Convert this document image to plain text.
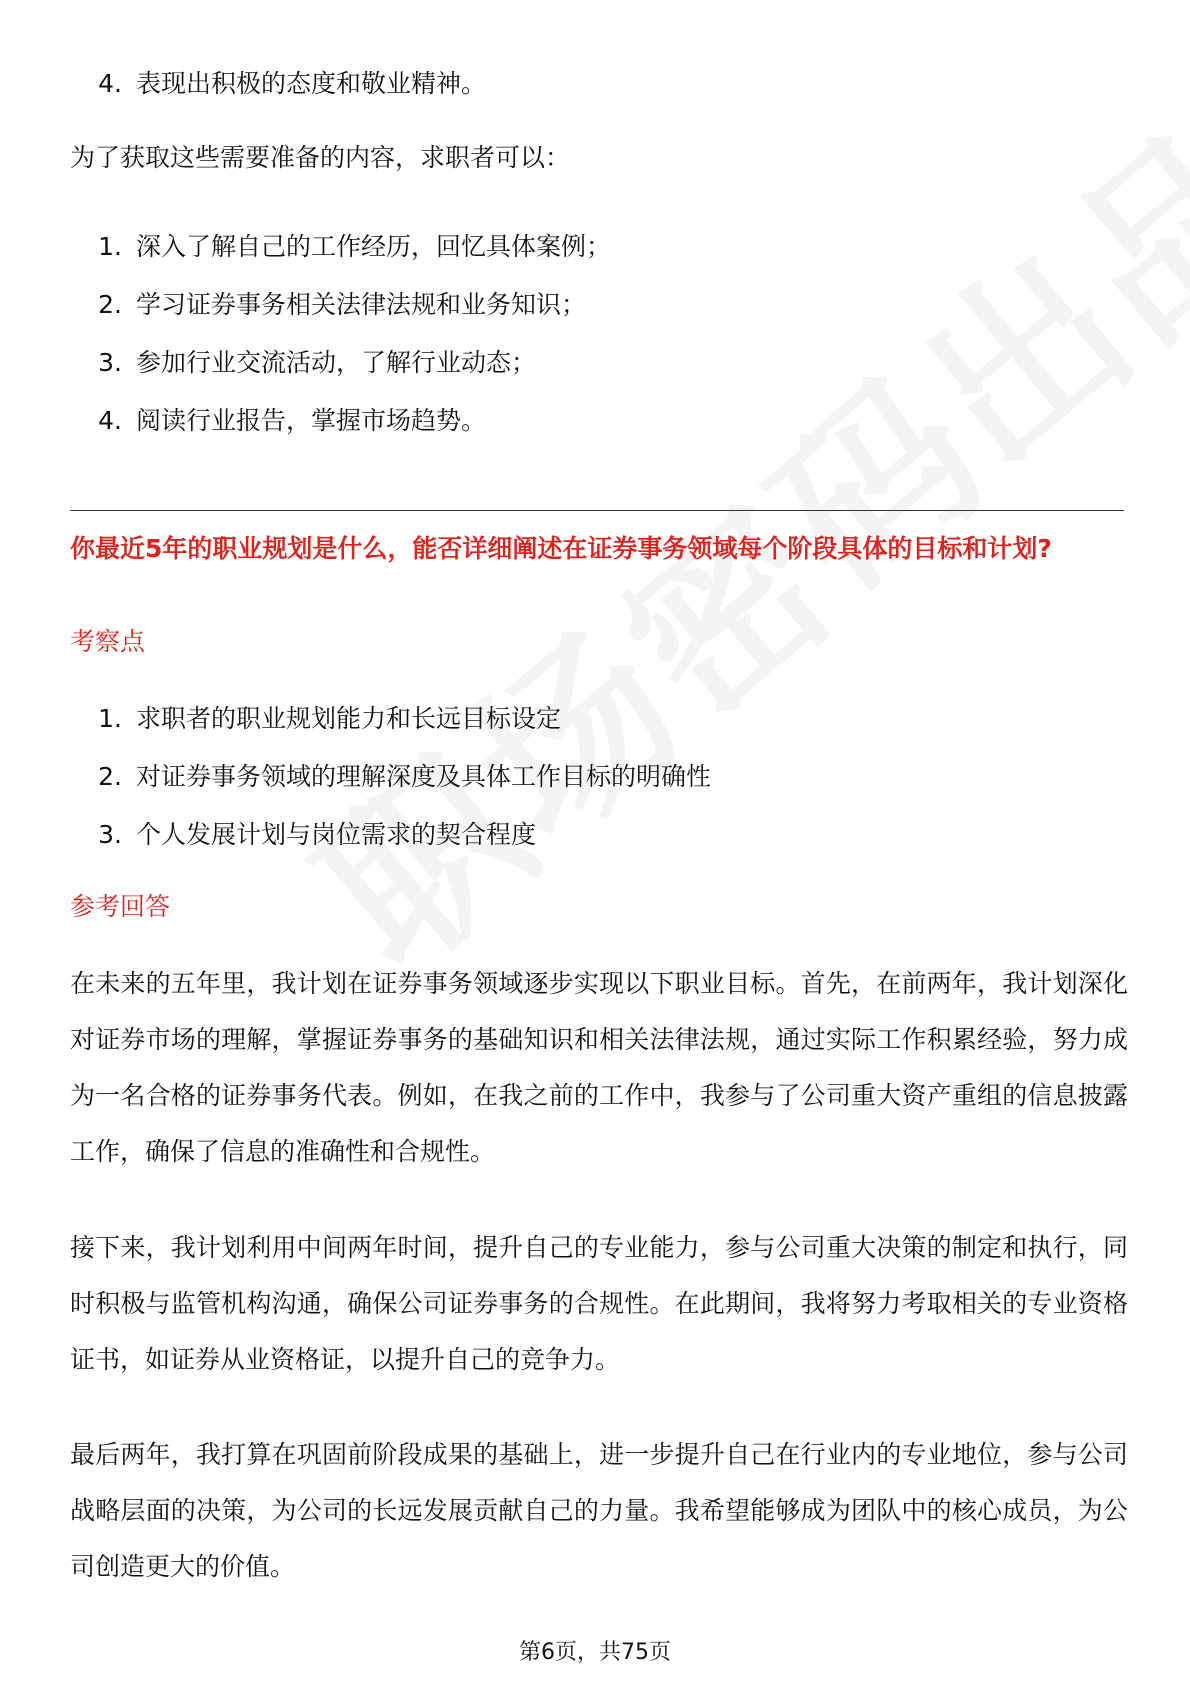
4. 表现出积极的态度和敬业精神。
为了获取这些需要准备的内容，求职者可以：
1. 深入了解自己的工作经历，回忆具体案例；
2. 学习证券事务相关法律法规和业务知识；
3. 参加行业交流活动，了解行业动态；
4. 阅读行业报告，掌握市场趋势。
你最近5年的职业规划是什么，能否详细阐述在证券事务领域每个阶段具体的目标和计划?
考察点
1. 求职者的职业规划能力和长远目标设定
2. 对证券事务领域的理解深度及具体工作目标的明确性
3. 个人发展计划与岗位需求的契合程度
参考回答
在未来的五年里，我计划在证券事务领域逐步实现以下职业目标。首先，在前两年，我计划深化对证券市场的理解，掌握证券事务的基础知识和相关法律法规，通过实际工作积累经验，努力成为一名合格的证券事务代表。例如，在我之前的工作中，我参与了公司重大资产重组的信息披露工作，确保了信息的准确性和合规性。
接下来，我计划利用中间两年时间，提升自己的专业能力，参与公司重大决策的制定和执行，同时积极与监管机构沟通，确保公司证券事务的合规性。在此期间，我将努力考取相关的专业资格证书，如证券从业资格证，以提升自己的竞争力。
最后两年，我打算在巩固前阶段成果的基础上，进一步提升自己在行业内的专业地位，参与公司战略层面的决策，为公司的长远发展贡献自己的力量。我希望能够成为团队中的核心成员，为公司创造更大的价值。
第6页，共75页
